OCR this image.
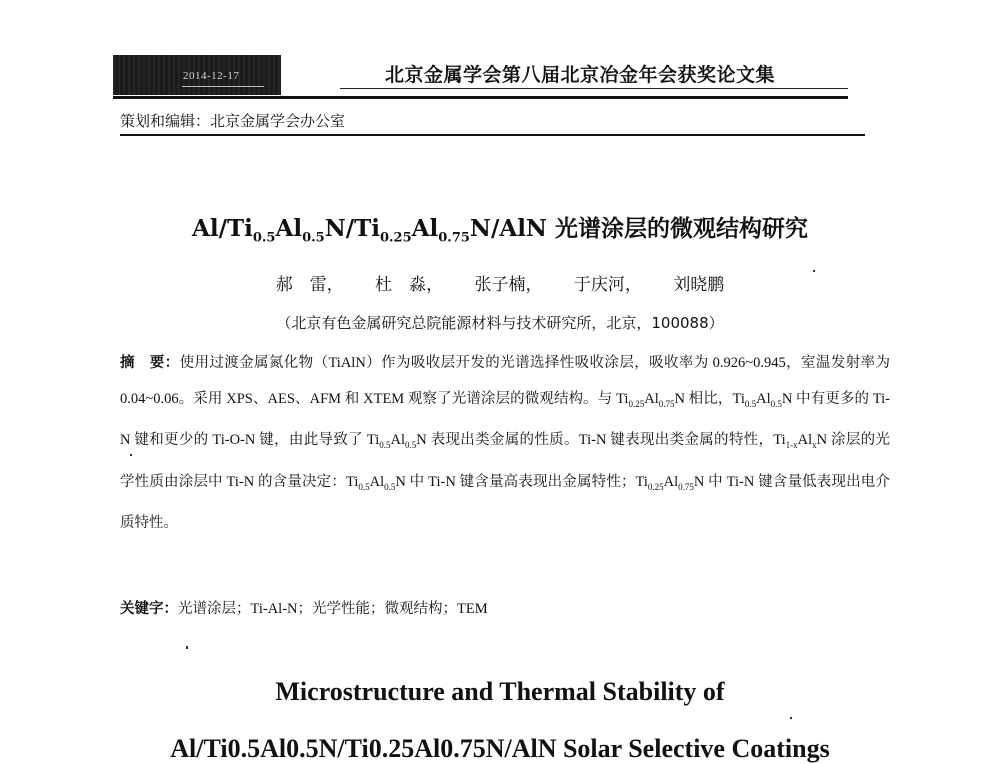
2014-12-17	北京金属学会第八届北京冶金年会获奖论文集
策划和编辑：北京金属学会办公室
$Al/Ti_{0.5}Al_{0.5}N/Ti_{0.25}Al_{0.75}N$/AlN 光谱涂层的微观结构研究
郝　雷， 杜　淼， 张子楠， 于庆河， 刘晓鹏
（北京有色金属研究总院能源材料与技术研究所，北京，100088）
摘　要：使用过渡金属氮化物（TiAlN）作为吸收层开发的光谱选择性吸收涂层，吸收率为 0.926~0.945，室温发射率为 0.04~0.06。采用 XPS、AES、AFM 和 XTEM 观察了光谱涂层的微观结构。与 $Ti_{0.25}Al_{0.75}N$ 相比，$Ti_{0.5}Al_{0.5}N$ 中有更多的 Ti-N 键和更少的 Ti-O-N 键，由此导致了 $Ti_{0.5}Al_{0.5}N$ 表现出类金属的性质。Ti-N 键表现出类金属的特性，$Ti_{1-x}Al_xN$ 涂层的光学性质由涂层中 Ti-N 的含量决定：$Ti_{0.5}Al_{0.5}N$ 中 Ti-N 键含量高表现出金属特性；$Ti_{0.25}Al_{0.75}N$ 中 Ti-N 键含量低表现出电介质特性。
关键字：光谱涂层；Ti-Al-N；光学性能；微观结构；TEM
Microstructure and Thermal Stability of
Al/Ti0.5Al0.5N/Ti0.25Al0.75N/AlN Solar Selective Coatings
